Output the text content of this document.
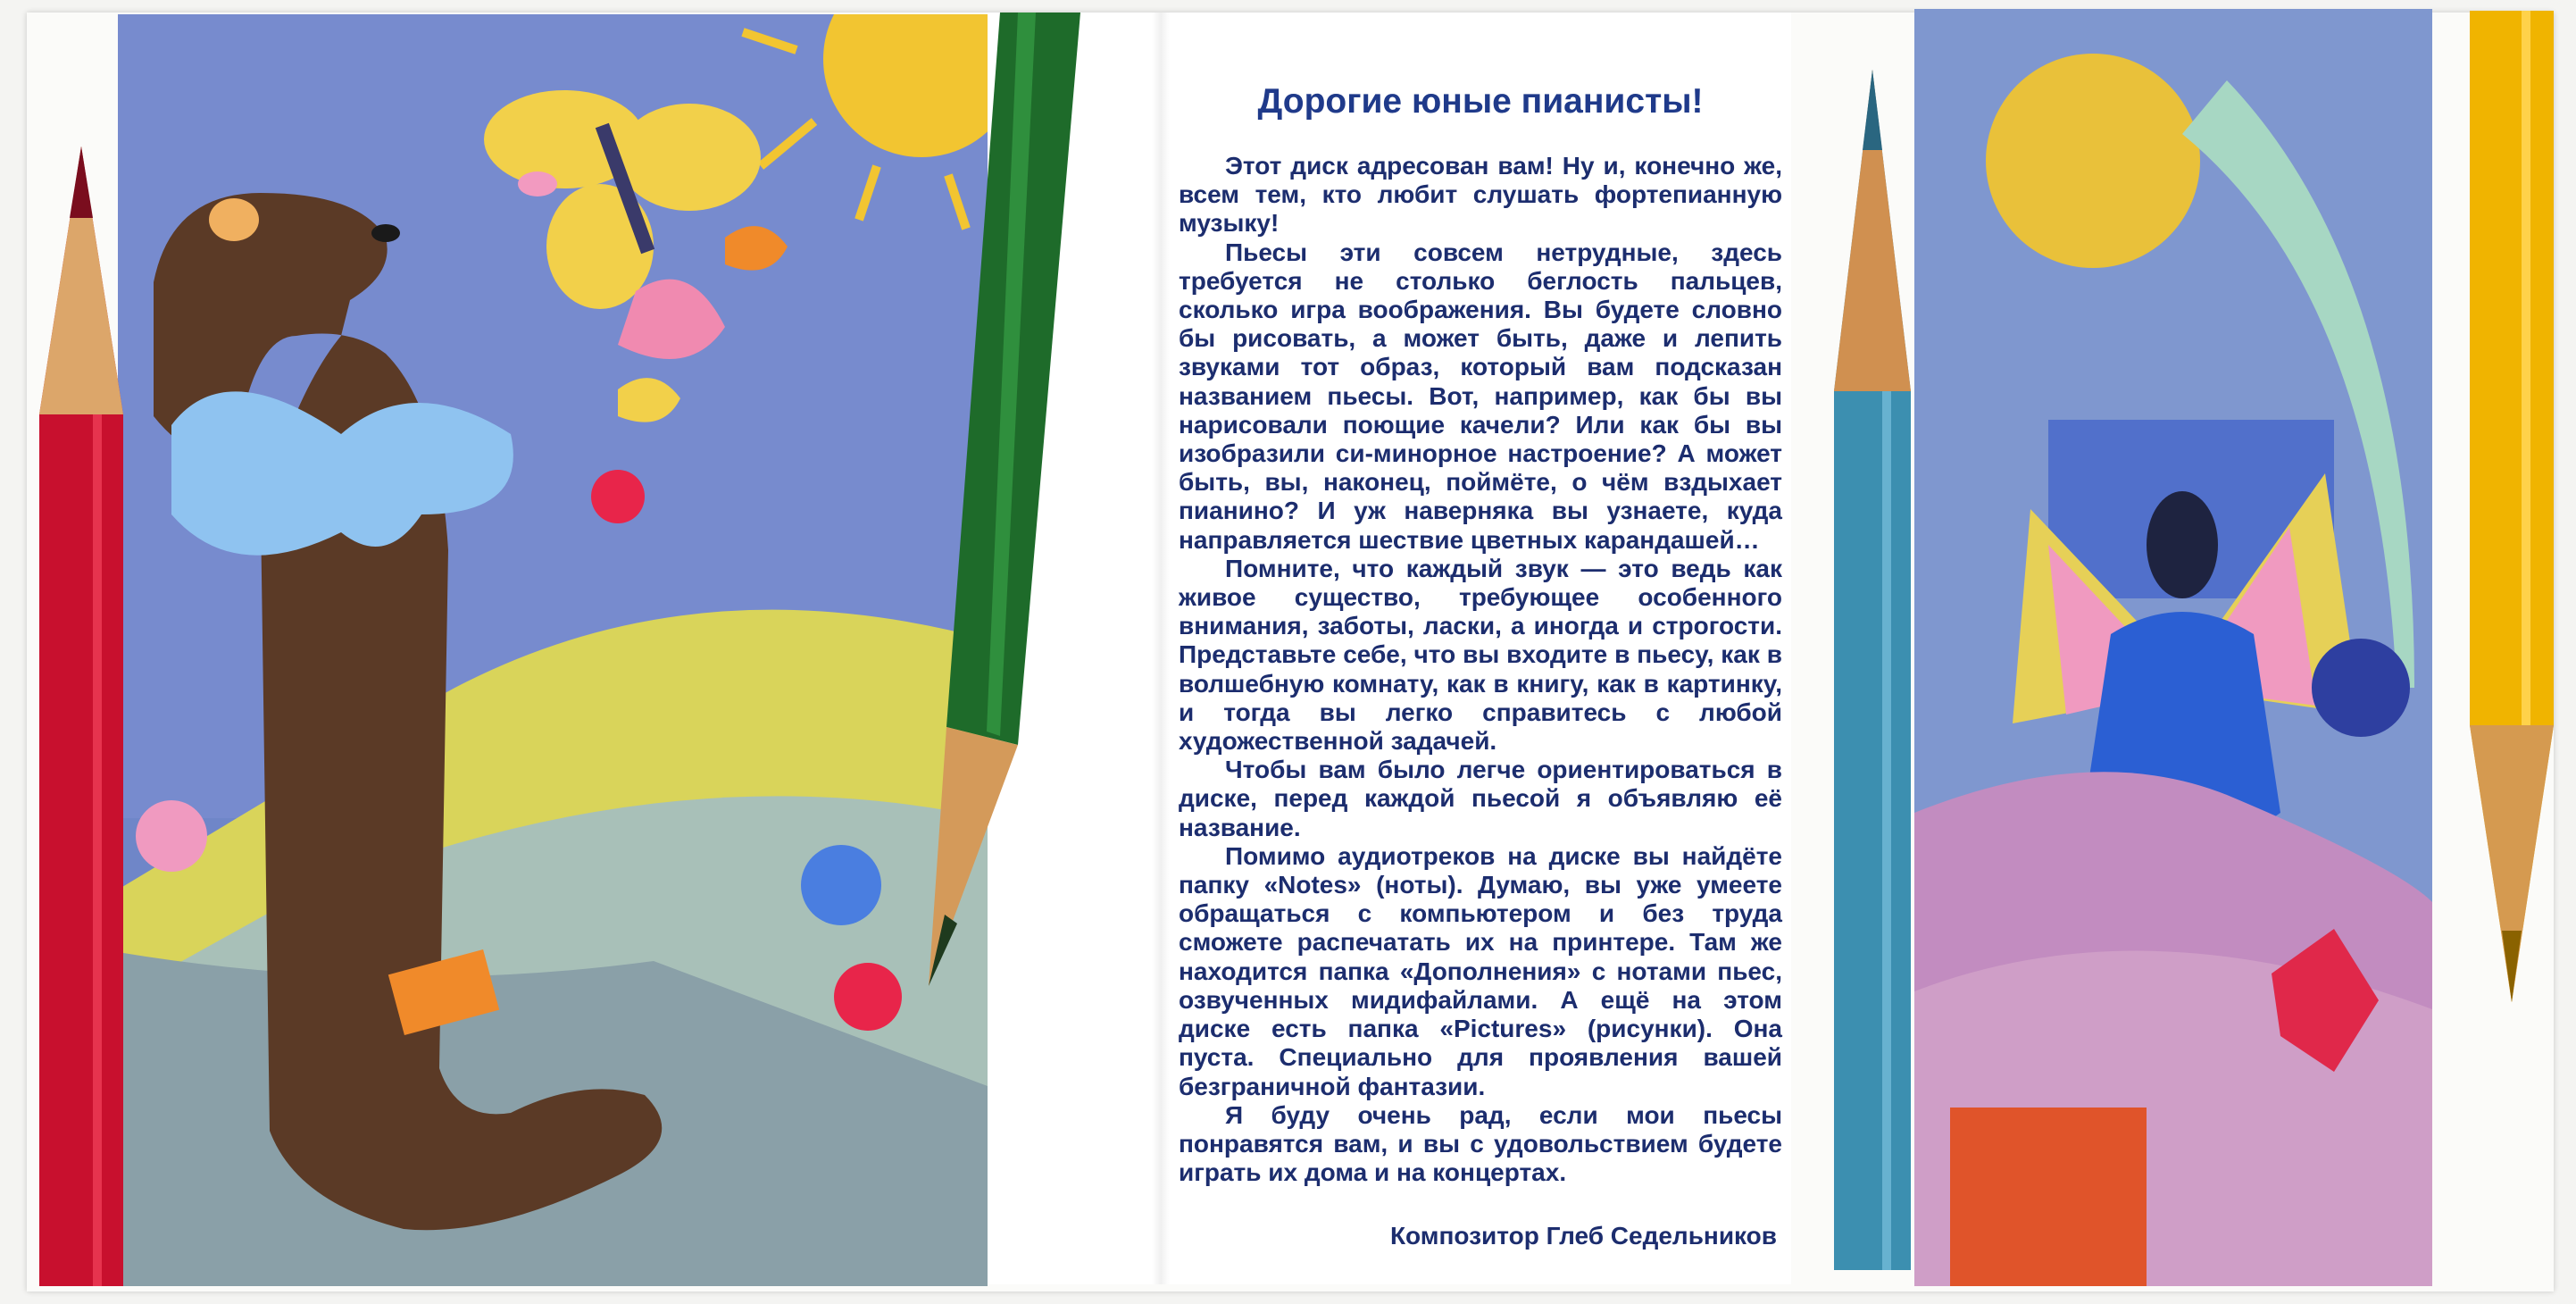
Дорогие юные пианисты!

Этот диск адресован вам! Ну и, конечно же, всем тем, кто любит слушать фортепианную музыку!

Пьесы эти совсем нетрудные, здесь требуется не столько беглость пальцев, сколько игра воображения. Вы будете словно бы рисовать, а может быть, даже и лепить звуками тот образ, который вам подсказан названием пьесы. Вот, например, как бы вы нарисовали поющие качели? Или как бы вы изобразили си-минорное настроение? А может быть, вы, наконец, поймёте, о чём вздыхает пианино? И уж наверняка вы узнаете, куда направляется шествие цветных карандашей…

Помните, что каждый звук — это ведь как живое существо, требующее особенного внимания, заботы, ласки, а иногда и строгости. Представьте себе, что вы входите в пьесу, как в волшебную комнату, как в книгу, как в картинку, и тогда вы легко справитесь с любой художественной задачей.

Чтобы вам было легче ориентироваться в диске, перед каждой пьесой я объявляю её название.

Помимо аудиотреков на диске вы найдёте папку «Notes» (ноты). Думаю, вы уже умеете обращаться с компьютером и без труда сможете распечатать их на принтере. Там же находится папка «Дополнения» с нотами пьес, озвученных мидифайлами. А ещё на этом диске есть папка «Pictures» (рисунки). Она пуста. Специально для проявления вашей безграничной фантазии.

Я буду очень рад, если мои пьесы понравятся вам, и вы с удовольствием будете играть их дома и на концертах.

Композитор Глеб Седельников
